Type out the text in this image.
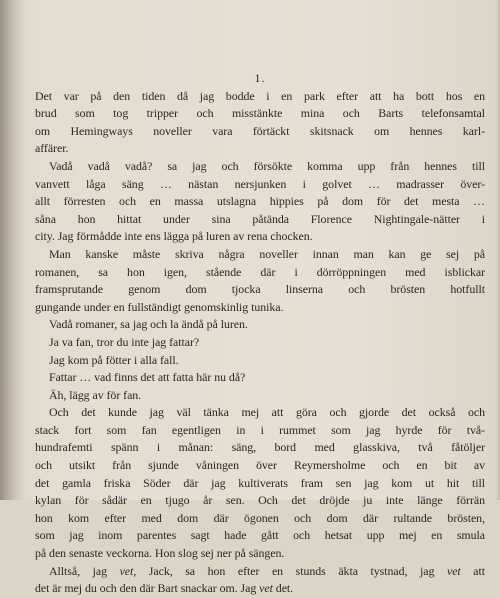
1.
Det var på den tiden då jag bodde i en park efter att ha bott hos en
brud som tog tripper och misstänkte mina och Barts telefonsamtal
om Hemingways noveller vara förtäckt skitsnack om hennes karl-
affärer.
Vadå vadå vadå? sa jag och försökte komma upp från hennes till
vanvett låga säng … nästan nersjunken i golvet … madrasser över-
allt förresten och en massa utslagna hippies på dom för det mesta …
såna hon hittat under sina påtända Florence Nightingale-nätter i
city. Jag förmådde inte ens lägga på luren av rena chocken.
Man kanske måste skriva några noveller innan man kan ge sej på
romanen, sa hon igen, stående där i dörröppningen med isblickar
framsprutande genom dom tjocka linserna och brösten hotfullt
gungande under en fullständigt genomskinlig tunika.
Vadå romaner, sa jag och la ändå på luren.
Ja va fan, tror du inte jag fattar?
Jag kom på fötter i alla fall.
Fattar … vad finns det att fatta här nu då?
Äh, lägg av för fan.
Och det kunde jag väl tänka mej att göra och gjorde det också och
stack fort som fan egentligen in i rummet som jag hyrde för två-
hundrafemti spänn i månan: säng, bord med glasskiva, två fåtöljer
och utsikt från sjunde våningen över Reymersholme och en bit av
det gamla friska Söder där jag kultiverats fram sen jag kom ut hit till
kylan för sådär en tjugo år sen. Och det dröjde ju inte länge förrän
hon kom efter med dom där ögonen och dom där rultande brösten,
som jag inom parentes sagt hade gått och hetsat upp mej en smula
på den senaste veckorna. Hon slog sej ner på sängen.
Alltså, jag vet, Jack, sa hon efter en stunds äkta tystnad, jag vet att
det är mej du och den där Bart snackar om. Jag vet det.
